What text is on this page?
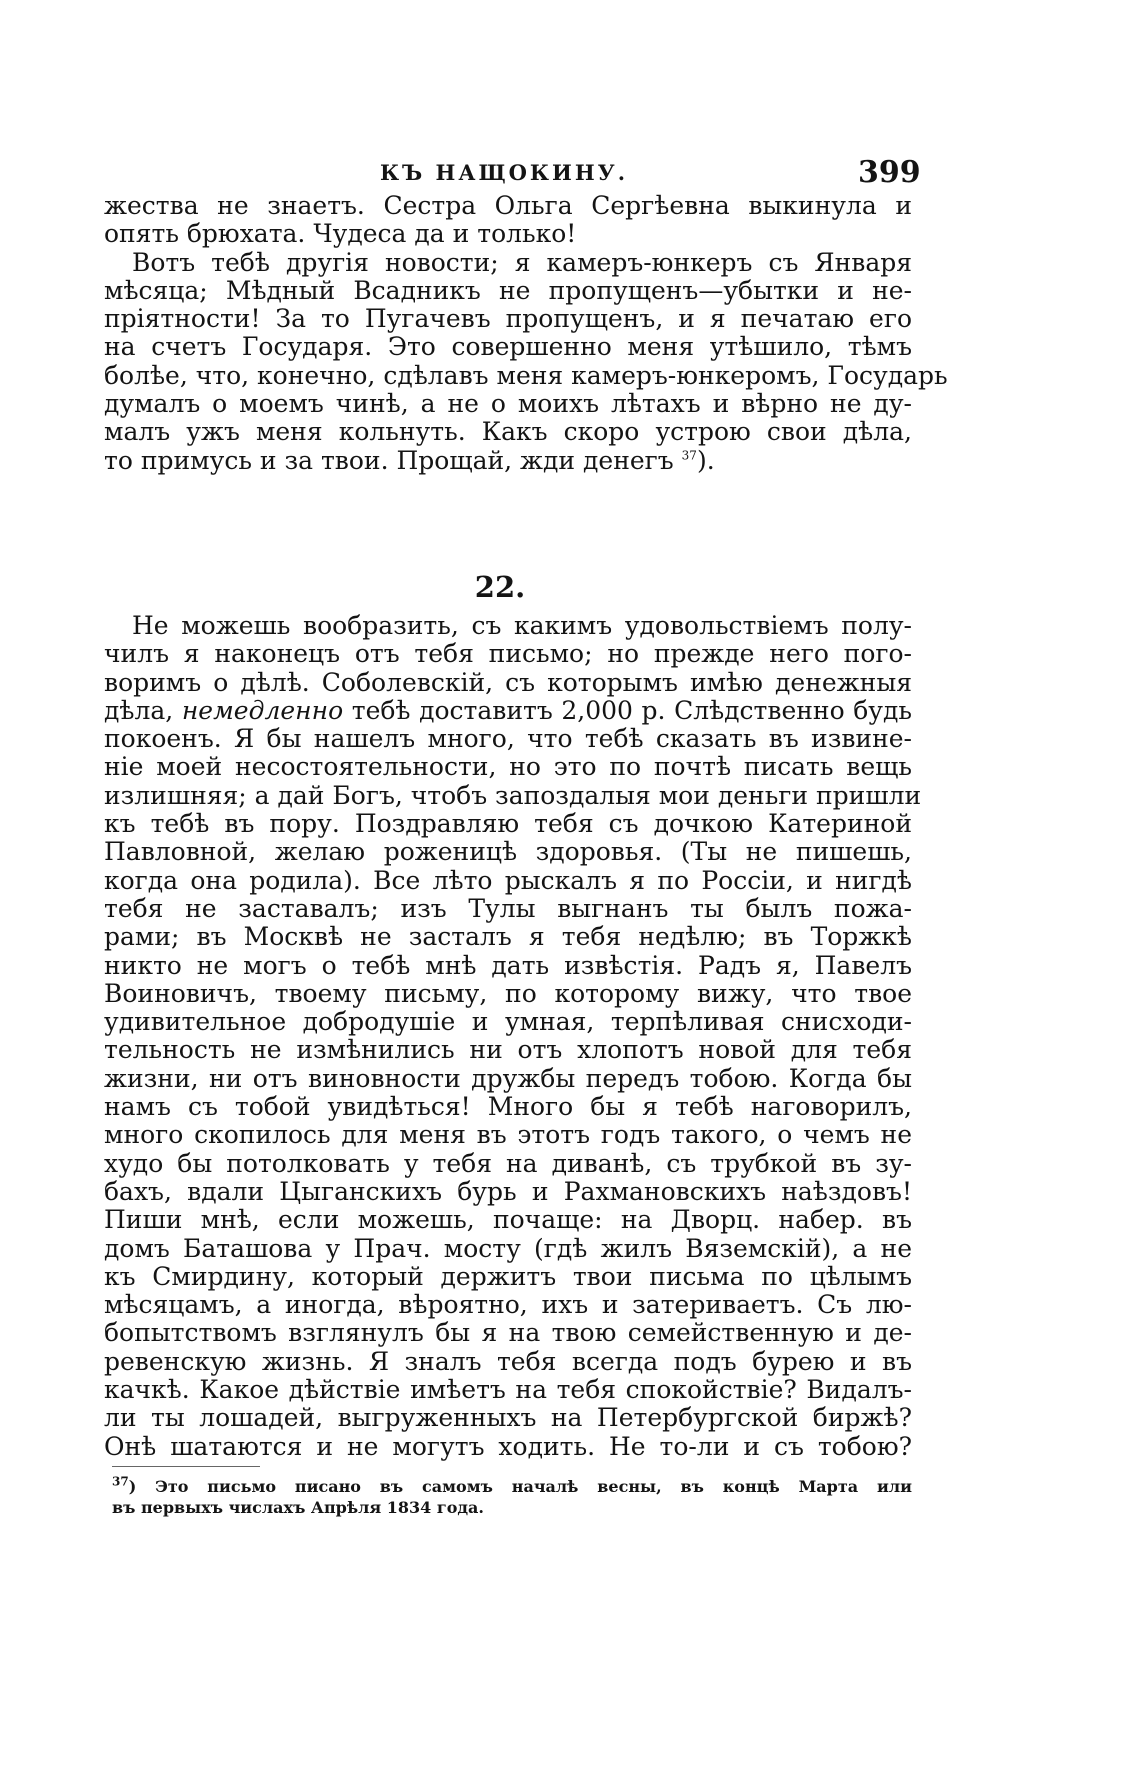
КЪ НАЩОКИНУ.	399
жества не знаетъ. Сестра Ольга Сергѣевна выкинула и
опять брюхата. Чудеса да и только!
Вотъ тебѣ другія новости; я камеръ-юнкеръ съ Января
мѣсяца; Мѣдный Всадникъ не пропущенъ—убытки и не-
пріятности! За то Пугачевъ пропущенъ, и я печатаю его
на счетъ Государя. Это совершенно меня утѣшило, тѣмъ
болѣе, что, конечно, сдѣлавъ меня камеръ-юнкеромъ, Государь
думалъ о моемъ чинѣ, а не о моихъ лѣтахъ и вѣрно не ду-
малъ ужъ меня кольнуть. Какъ скоро устрою свои дѣла,
то примусь и за твои. Прощай, жди денегъ $^{37}$).
22.
Не можешь вообразить, съ какимъ удовольствіемъ полу-
чилъ я наконецъ отъ тебя письмо; но прежде него пого-
воримъ о дѣлѣ. Соболевскій, съ которымъ имѣю денежныя
дѣла, немедленно тебѣ доставитъ 2,000 р. Слѣдственно будь
покоенъ. Я бы нашелъ много, что тебѣ сказать въ извине-
ніе моей несостоятельности, но это по почтѣ писать вещь
излишняя; а дай Богъ, чтобъ запоздалыя мои деньги пришли
къ тебѣ въ пору. Поздравляю тебя съ дочкою Катериной
Павловной, желаю роженицѣ здоровья. (Ты не пишешь,
когда она родила). Все лѣто рыскалъ я по Россіи, и нигдѣ
тебя не заставалъ; изъ Тулы выгнанъ ты былъ пожа-
рами; въ Москвѣ не засталъ я тебя недѣлю; въ Торжкѣ
никто не могъ о тебѣ мнѣ дать извѣстія. Радъ я, Павелъ
Воиновичъ, твоему письму, по которому вижу, что твое
удивительное добродушіе и умная, терпѣливая снисходи-
тельность не измѣнились ни отъ хлопотъ новой для тебя
жизни, ни отъ виновности дружбы передъ тобою. Когда бы
намъ съ тобой увидѣться! Много бы я тебѣ наговорилъ,
много скопилось для меня въ этотъ годъ такого, о чемъ не
худо бы потолковать у тебя на диванѣ, съ трубкой въ зу-
бахъ, вдали Цыганскихъ бурь и Рахмановскихъ наѣздовъ!
Пиши мнѣ, если можешь, почаще: на Дворц. набер. въ
домъ Баташова у Прач. мосту (гдѣ жилъ Вяземскій), а не
къ Смирдину, который держитъ твои письма по цѣлымъ
мѣсяцамъ, а иногда, вѣроятно, ихъ и затериваетъ. Съ лю-
бопытствомъ взглянулъ бы я на твою семейственную и де-
ревенскую жизнь. Я зналъ тебя всегда подъ бурею и въ
качкѣ. Какое дѣйствіе имѣетъ на тебя спокойствіе? Видалъ-
ли ты лошадей, выгруженныхъ на Петербургской биржѣ?
Онѣ шатаются и не могутъ ходить. Не то-ли и съ тобою?
$^{37}$) Это письмо писано въ самомъ началѣ весны, въ концѣ Марта или
въ первыхъ числахъ Апрѣля 1834 года.
